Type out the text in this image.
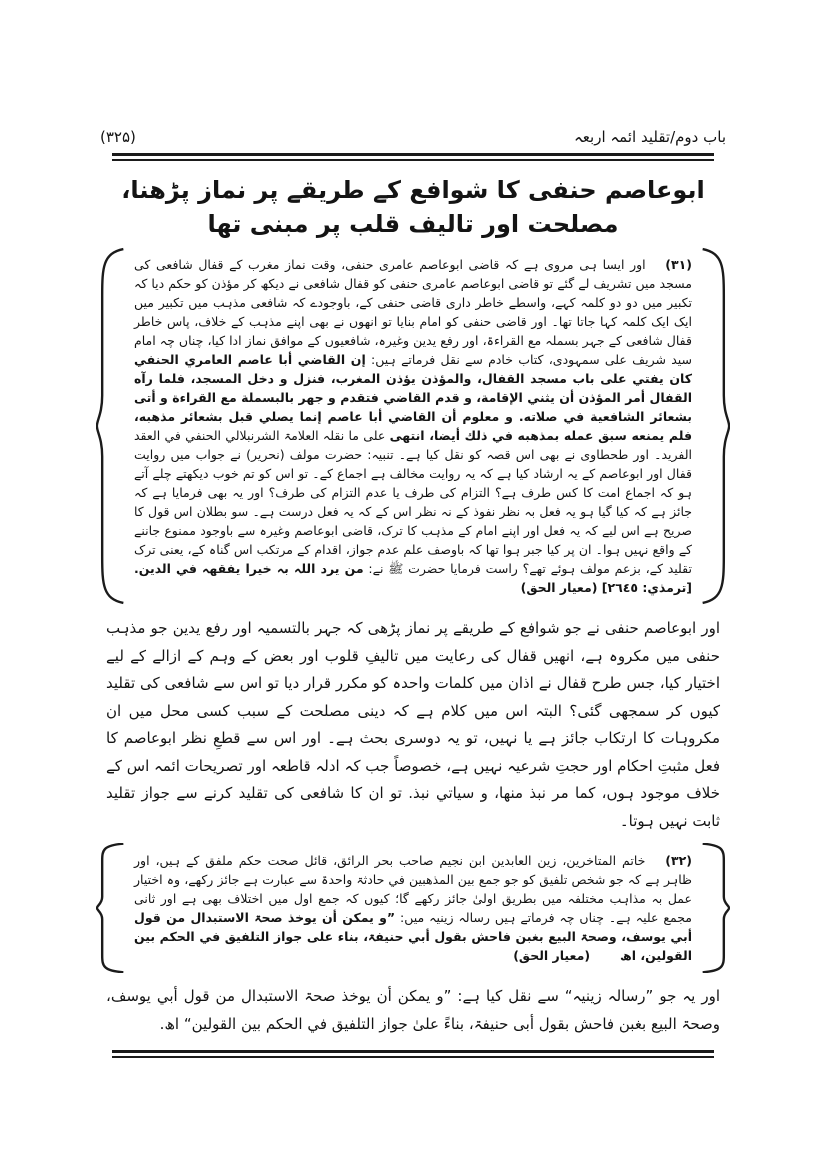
باب دوم/تقلید ائمہ اربعہ
(۳۲۵)
ابوعاصم حنفی کا شوافع کے طریقے پر نماز پڑھنا، مصلحت اور تالیف قلب پر مبنی تھا
(۳۱) اور ایسا ہی مروی ہے کہ قاضی ابوعاصم عامری حنفی، وقت نماز مغرب کے قفال شافعی کی مسجد میں تشریف لے گئے تو قاضی ابوعاصم عامری حنفی کو قفال شافعی نے دیکھ کر مؤذن کو حکم دیا کہ تکبیر میں دو دو کلمہ کہے، واسطے خاطر داری قاضی حنفی کے، باوجودے کہ شافعی مذہب میں تکبیر میں ایک ایک کلمہ کہا جاتا تھا۔ اور قاضی حنفی کو امام بنایا تو انھوں نے بھی اپنے مذہب کے خلاف، پاس خاطر قفال شافعی کے جہر بسملہ مع القراءۃ، اور رفع یدین وغیرہ، شافعیوں کے موافق نماز ادا کیا، چناں چہ امام سید شریف علی سمہودی، کتاب خادم سے نقل فرماتے ہیں: إن القاضي أبا عاصم العامري الحنفي كان يفتي على باب مسجد القفال، والمؤذن يؤذن المغرب، فنزل و دخل المسجد، فلما رآه القفال أمر المؤذن أن يثني الإقامة، و قدم القاضي فتقدم و جهر بالبسملة مع القراءة و أتى بشعائر الشافعية في صلاته. و معلوم أن القاضي أبا عاصم إنما يصلي قبل بشعائر مذهبه، فلم يمنعه سبق عمله بمذهبه في ذلك أيضا، انتهى علی ما نقلہ العلامۃ الشرنبلالي الحنفي في العقد الفرید۔ اور طحطاوی نے بھی اس قصہ کو نقل کیا ہے۔ تنبیہ: حضرت مولف (نحریر) نے جواب میں روایت قفال اور ابوعاصم کے یہ ارشاد کیا ہے کہ یہ روایت مخالف ہے اجماع کے۔ تو اس کو تم خوب دیکھتے چلے آتے ہو کہ اجماع امت کا کس طرف ہے؟ التزام کی طرف یا عدم التزام کی طرف؟ اور یہ بھی فرمایا ہے کہ جائز ہے کہ کیا گیا ہو یہ فعل بہ نظر نفوذ کے نہ نظر اس کے کہ یہ فعل درست ہے۔ سو بطلان اس قول کا صریح ہے اس لیے کہ یہ فعل اور اپنے امام کے مذہب کا ترک، قاضی ابوعاصم وغیرہ سے باوجود ممنوع جاننے کے واقع نہیں ہوا۔ ان پر کیا جبر ہوا تھا کہ باوصف علم عدم جواز، اقدام کے مرتکب اس گناہ کے، یعنی ترک تقلید کے، بزعم مولف ہوئے تھے؟ راست فرمایا حضرت ﷺ نے: من یرد اللہ بہ خیرا یفقھہ في الدین. [ترمذي: ۲٦٤٥] (معیار الحق)
اور ابوعاصم حنفی نے جو شوافع کے طریقے پر نماز پڑھی کہ جہر بالتسمیہ اور رفع یدین جو مذہب حنفی میں مکروہ ہے، انھیں قفال کی رعایت میں تالیفِ قلوب اور بعض کے وہم کے ازالے کے لیے اختیار کیا، جس طرح قفال نے اذان میں کلمات واحدہ کو مکرر قرار دیا تو اس سے شافعی کی تقلید کیوں کر سمجھی گئی؟ البتہ اس میں کلام ہے کہ دینی مصلحت کے سبب کسی محل میں ان مکروہات کا ارتکاب جائز ہے یا نہیں، تو یہ دوسری بحث ہے۔ اور اس سے قطعِ نظر ابوعاصم کا فعل مثبتِ احکام اور حجتِ شرعیہ نہیں ہے، خصوصاً جب کہ ادلہ قاطعہ اور تصریحات ائمہ اس کے خلاف موجود ہوں، كما مر نبذ منها، و سياتي نبذ. تو ان کا شافعی کی تقلید کرنے سے جواز تقلید ثابت نہیں ہوتا۔
(۳۲) خاتم المتاخرین، زین العابدین ابن نجیم صاحب بحر الرائق، قائل صحت حکم ملفق کے ہیں، اور ظاہر ہے کہ جو شخص تلفیق کو جو جمع بین المذھبین في حادثۃ واحدۃ سے عبارت ہے جائز رکھے، وہ اختیار عمل بہ مذاہب مختلفہ میں بطریق اولیٰ جائز رکھے گا؛ کیوں کہ جمع اول میں اختلاف بھی ہے اور ثانی مجمع علیہ ہے۔ چناں چہ فرماتے ہیں رسالہ زینیہ میں: ”و یمکن أن یوخذ صحۃ الاستبدال من قول أبي یوسف، وصحۃ البیع بغبن فاحش بقول أبي حنیفۃ، بناء علی جواز التلفیق في الحکم بین القولین، اھ (معیار الحق)
اور یہ جو ”رسالہ زینیہ“ سے نقل کیا ہے: ”و یمکن أن یوخذ صحۃ الاستبدال من قول أبي یوسف، وصحۃ البیع بغبن فاحش بقول أبی حنیفۃ، بناءً علیٰ جواز التلفیق في الحکم بین القولین“ اھ.
